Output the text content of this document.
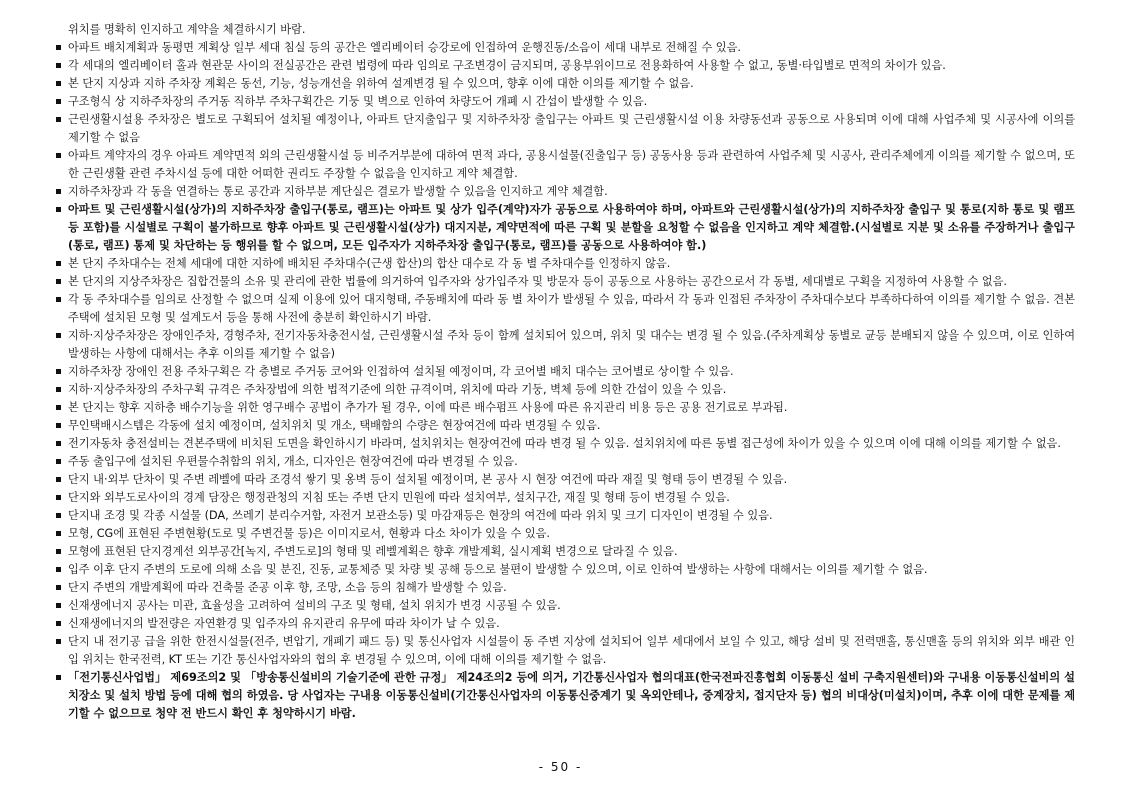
위치를 명확히 인지하고 계약을 체결하시기 바람.
아파트 배치계획과 동평면 계획상 일부 세대 침실 등의 공간은 엘리베이터 승강로에 인접하여 운행진동/소음이 세대 내부로 전해질 수 있음.
각 세대의 엘리베이터 홀과 현관문 사이의 전실공간은 관련 법령에 따라 임의로 구조변경이 금지되며, 공용부위이므로 전용화하여 사용할 수 없고, 동별·타입별로 면적의 차이가 있음.
본 단지 지상과 지하 주차장 계획은 동선, 기능, 성능개선을 위하여 설계변경 될 수 있으며, 향후 이에 대한 이의를 제기할 수 없음.
구조형식 상 지하주차장의 주거동 직하부 주차구획간은 기둥 및 벽으로 인하여 차량도어 개폐 시 간섭이 발생할 수 있음.
근린생활시설용 주차장은 별도로 구획되어 설치될 예정이나, 아파트 단지출입구 및 지하주차장 출입구는 아파트 및 근린생활시설 이용 차량동선과 공동으로 사용되며 이에 대해 사업주체 및 시공사에 이의를 제기할 수 없음
아파트 계약자의 경우 아파트 계약면적 외의 근린생활시설 등 비주거부분에 대하여 면적 과다, 공용시설물(진출입구 등) 공동사용 등과 관련하여 사업주체 및 시공사, 관리주체에게 이의를 제기할 수 없으며, 또한 근린생활 관련 주차시설 등에 대한 어떠한 권리도 주장할 수 없음을 인지하고 계약 체결함.
지하주차장과 각 동을 연결하는 통로 공간과 지하부분 계단실은 결로가 발생할 수 있음을 인지하고 계약 체결함.
아파트 및 근린생활시설(상가)의 지하주차장 출입구(통로, 램프)는 아파트 및 상가 입주(계약)자가 공동으로 사용하여야 하며, 아파트와 근린생활시설(상가)의 지하주차장 출입구 및 통로(지하 통로 및 램프 등 포함)를 시설별로 구획이 불가하므로 향후 아파트 및 근린생활시설(상가) 대지지분, 계약면적에 따른 구획 및 분할을 요청할 수 없음을 인지하고 계약 체결함.(시설별로 지분 및 소유를 주장하거나 출입구(통로, 램프) 통제 및 차단하는 등 행위를 할 수 없으며, 모든 입주자가 지하주차장 출입구(통로, 램프)를 공동으로 사용하여야 함.)
본 단지 주차대수는 전체 세대에 대한 지하에 배치된 주차대수(근생 합산)의 합산 대수로 각 동 별 주차대수를 인정하지 않음.
본 단지의 지상주차장은 집합건물의 소유 및 관리에 관한 법률에 의거하여 입주자와 상가입주자 및 방문자 등이 공동으로 사용하는 공간으로서 각 동별, 세대별로 구획을 지정하여 사용할 수 없음.
각 동 주차대수를 임의로 산정할 수 없으며 실제 이용에 있어 대지형태, 주동배치에 따라 동 별 차이가 발생될 수 있음, 따라서 각 동과 인접된 주차장이 주차대수보다 부족하다하여 이의를 제기할 수 없음. 견본주택에 설치된 모형 및 설계도서 등을 통해 사전에 충분히 확인하시기 바람.
지하·지상주차장은 장애인주차, 경형주차, 전기자동차충전시설, 근린생활시설 주차 등이 함께 설치되어 있으며, 위치 및 대수는 변경 될 수 있음.(주차계획상 동별로 균등 분배되지 않을 수 있으며, 이로 인하여 발생하는 사항에 대해서는 추후 이의를 제기할 수 없음)
지하주차장 장애인 전용 주차구획은 각 층별로 주거동 코어와 인접하여 설치될 예정이며, 각 코어별 배치 대수는 코어별로 상이할 수 있음.
지하·지상주차장의 주차구획 규격은 주차장법에 의한 법적기준에 의한 규격이며, 위치에 따라 기둥, 벽체 등에 의한 간섭이 있을 수 있음.
본 단지는 향후 지하층 배수기능을 위한 영구배수 공법이 추가가 될 경우, 이에 따른 배수펌프 사용에 따른 유지관리 비용 등은 공용 전기료로 부과됨.
무인택배시스템은 각동에 설치 예정이며, 설치위치 및 개소, 택배함의 수량은 현장여건에 따라 변경될 수 있음.
전기자동차 충전설비는 견본주택에 비치된 도면을 확인하시기 바라며, 설치위치는 현장여건에 따라 변경 될 수 있음. 설치위치에 따른 동별 접근성에 차이가 있을 수 있으며 이에 대해 이의를 제기할 수 없음.
주동 출입구에 설치된 우편물수취함의 위치, 개소, 디자인은 현장여건에 따라 변경될 수 있음.
단지 내·외부 단차이 및 주변 레벨에 따라 조경석 쌓기 및 옹벽 등이 설치될 예정이며, 본 공사 시 현장 여건에 따라 재질 및 형태 등이 변경될 수 있음.
단지와 외부도로사이의 경계 담장은 행정관청의 지침 또는 주변 단지 민원에 따라 설치여부, 설치구간, 재질 및 형태 등이 변경될 수 있음.
단지내 조경 및 각종 시설물 (DA, 쓰레기 분리수거함, 자전거 보관소등) 및 마감재등은 현장의 여건에 따라 위치 및 크기 디자인이 변경될 수 있음.
모형, CG에 표현된 주변현황(도로 및 주변건물 등)은 이미지로서, 현황과 다소 차이가 있을 수 있음.
모형에 표현된 단지경계선 외부공간[녹지, 주변도로]의 형태 및 레벨계획은 향후 개발계획, 실시계획 변경으로 달라질 수 있음.
입주 이후 단지 주변의 도로에 의해 소음 및 분진, 진동, 교통체증 및 차량 빛 공해 등으로 불편이 발생할 수 있으며, 이로 인하여 발생하는 사항에 대해서는 이의를 제기할 수 없음.
단지 주변의 개발계획에 따라 건축물 준공 이후 향, 조망, 소음 등의 침해가 발생할 수 있음.
신재생에너지 공사는 미관, 효율성을 고려하여 설비의 구조 및 형태, 설치 위치가 변경 시공될 수 있음.
신재생에너지의 발전량은 자연환경 및 입주자의 유지관리 유무에 따라 차이가 날 수 있음.
단지 내 전기공 급을 위한 한전시설물(전주, 변압기, 개폐기 패드 등) 및 통신사업자 시설물이 동 주변 지상에 설치되어 일부 세대에서 보일 수 있고, 해당 설비 및 전력맨홀, 통신맨홀 등의 위치와 외부 배관 인입 위치는 한국전력, KT 또는 기간 통신사업자와의 협의 후 변경될 수 있으며, 이에 대해 이의를 제기할 수 없음.
「전기통신사업법」 제69조의2 및 「방송통신설비의 기술기준에 관한 규정」 제24조의2 등에 의거, 기간통신사업자 협의대표(한국전파진흥협회 이동통신 설비 구축지원센터)와 구내용 이동통신설비의 설치장소 및 설치 방법 등에 대해 협의 하였음. 당 사업자는 구내용 이동통신설비(기간통신사업자의 이동통신중계기 및 옥외안테나, 중계장치, 접지단자 등) 협의 비대상(미설치)이며, 추후 이에 대한 문제를 제기할 수 없으므로 청약 전 반드시 확인 후 청약하시기 바람.
- 50 -
